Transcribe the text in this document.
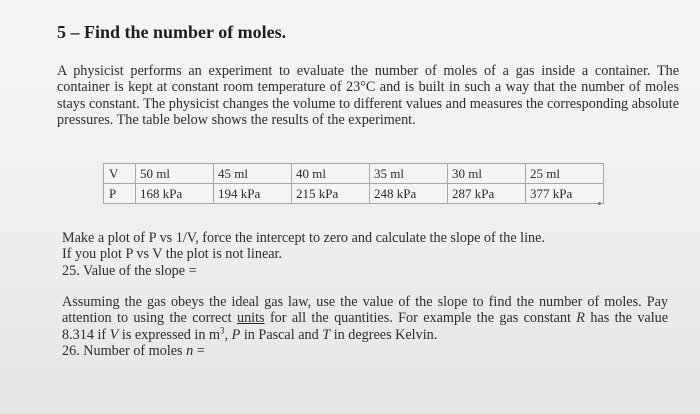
5 – Find the number of moles.

A physicist performs an experiment to evaluate the number of moles of a gas inside a container. The container is kept at constant room temperature of 23°C and is built in such a way that the number of moles stays constant. The physicist changes the volume to different values and measures the corresponding absolute pressures. The table below shows the results of the experiment.

V	50 ml	45 ml	40 ml	35 ml	30 ml	25 ml
P	168 kPa	194 kPa	215 kPa	248 kPa	287 kPa	377 kPa
Make a plot of P vs 1/V, force the intercept to zero and calculate the slope of the line.
If you plot P vs V the plot is not linear.
25. Value of the slope =

Assuming the gas obeys the ideal gas law, use the value of the slope to find the number of moles. Pay attention to using the correct units for all the quantities. For example the gas constant R has the value 8.314 if V is expressed in $m^3$, P in Pascal and T in degrees Kelvin.
26. Number of moles n =
